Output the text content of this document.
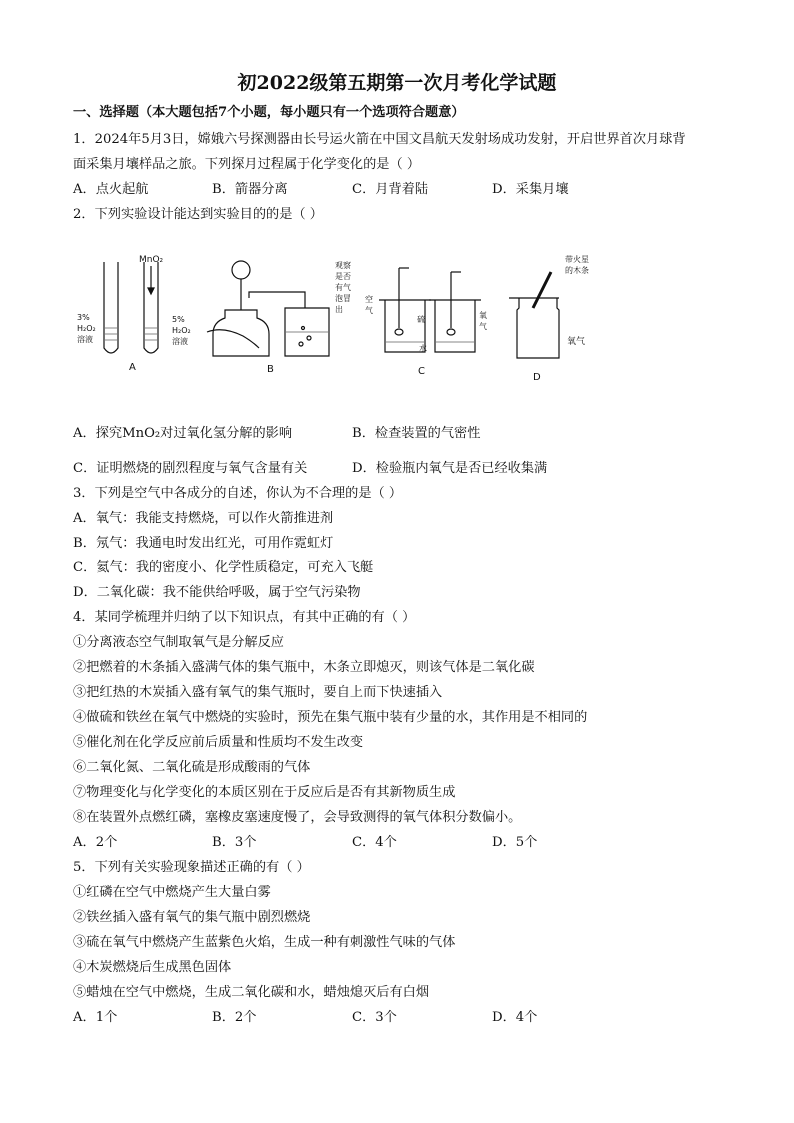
初2022级第五期第一次月考化学试题
一、选择题（本大题包括7个小题，每小题只有一个选项符合题意）
1．2024年5月3日，嫦娥六号探测器由长号运火箭在中国文昌航天发射场成功发射，开启世界首次月球背
面采集月壤样品之旅。下列探月过程属于化学变化的是（ ）
A．点火起航	B．箭器分离	C．月背着陆	D．采集月壤
2．下列实验设计能达到实验目的的是（ ）
MnO₂
3%
H₂O₂
溶液
5%
H₂O₂
溶液
A
观察
是否
有气
泡冒
出
B
空
气
硫
水
氧
气
C
带火星
的木条
氧气
D
A．探究MnO₂对过氧化氢分解的影响	B．检查装置的气密性
C．证明燃烧的剧烈程度与氧气含量有关	D．检验瓶内氧气是否已经收集满
3．下列是空气中各成分的自述，你认为不合理的是（ ）
A．氧气：我能支持燃烧，可以作火箭推进剂
B．氖气：我通电时发出红光，可用作霓虹灯
C．氦气：我的密度小、化学性质稳定，可充入飞艇
D．二氧化碳：我不能供给呼吸，属于空气污染物
4．某同学梳理并归纳了以下知识点，有其中正确的有（ ）
①分离液态空气制取氧气是分解反应
②把燃着的木条插入盛满气体的集气瓶中，木条立即熄灭，则该气体是二氧化碳
③把红热的木炭插入盛有氧气的集气瓶时，要自上而下快速插入
④做硫和铁丝在氧气中燃烧的实验时，预先在集气瓶中装有少量的水，其作用是不相同的
⑤催化剂在化学反应前后质量和性质均不发生改变
⑥二氧化氮、二氧化硫是形成酸雨的气体
⑦物理变化与化学变化的本质区别在于反应后是否有其新物质生成
⑧在装置外点燃红磷，塞橡皮塞速度慢了，会导致测得的氧气体积分数偏小。
A．2个	B．3个	C．4个	D．5个
5．下列有关实验现象描述正确的有（ ）
①红磷在空气中燃烧产生大量白雾
②铁丝插入盛有氧气的集气瓶中剧烈燃烧
③硫在氧气中燃烧产生蓝紫色火焰，生成一种有刺激性气味的气体
④木炭燃烧后生成黑色固体
⑤蜡烛在空气中燃烧，生成二氧化碳和水，蜡烛熄灭后有白烟
A．1个	B．2个	C．3个	D．4个
